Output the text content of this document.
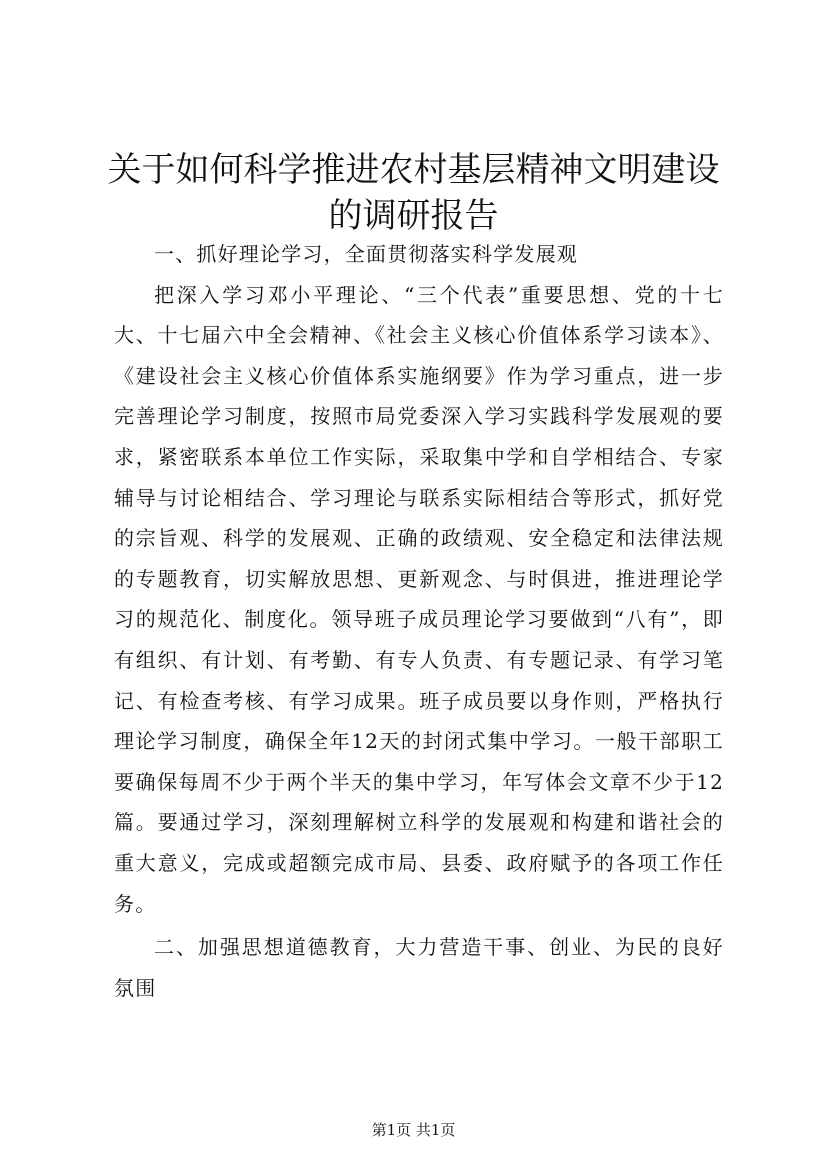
关于如何科学推进农村基层精神文明建设的调研报告

一、抓好理论学习，全面贯彻落实科学发展观

把深入学习邓小平理论、“三个代表”重要思想、党的十七大、十七届六中全会精神、《社会主义核心价值体系学习读本》、《建设社会主义核心价值体系实施纲要》作为学习重点，进一步完善理论学习制度，按照市局党委深入学习实践科学发展观的要求，紧密联系本单位工作实际，采取集中学和自学相结合、专家辅导与讨论相结合、学习理论与联系实际相结合等形式，抓好党的宗旨观、科学的发展观、正确的政绩观、安全稳定和法律法规的专题教育，切实解放思想、更新观念、与时俱进，推进理论学习的规范化、制度化。领导班子成员理论学习要做到“八有”，即有组织、有计划、有考勤、有专人负责、有专题记录、有学习笔记、有检查考核、有学习成果。班子成员要以身作则，严格执行理论学习制度，确保全年12天的封闭式集中学习。一般干部职工要确保每周不少于两个半天的集中学习，年写体会文章不少于12篇。要通过学习，深刻理解树立科学的发展观和构建和谐社会的重大意义，完成或超额完成市局、县委、政府赋予的各项工作任务。

二、加强思想道德教育，大力营造干事、创业、为民的良好氛围

第1页 共1页
